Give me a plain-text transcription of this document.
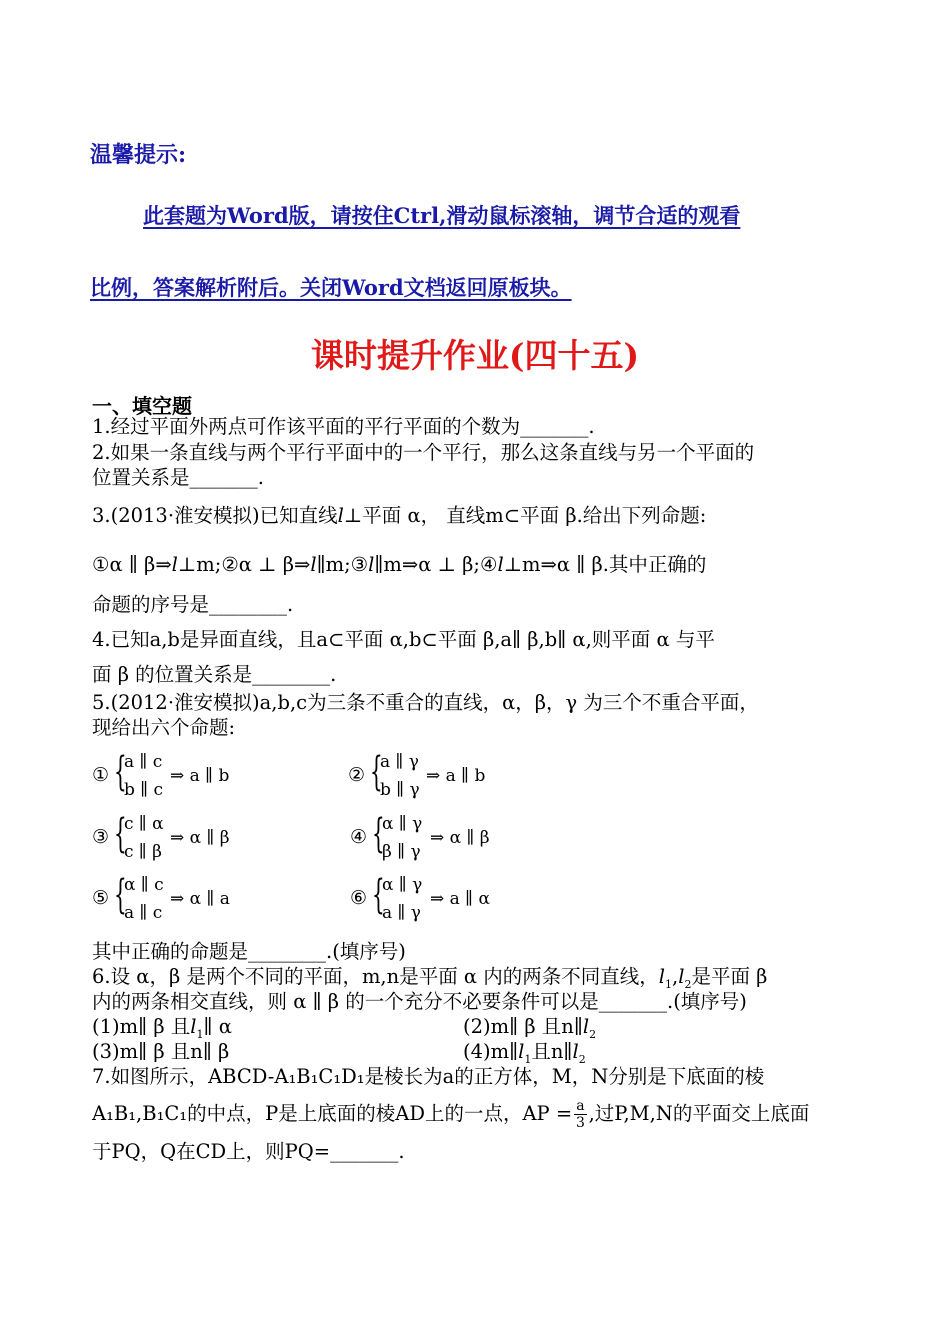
温馨提示:
此套题为Word版，请按住Ctrl,滑动鼠标滚轴，调节合适的观看
比例，答案解析附后。关闭Word文档返回原板块。
课时提升作业(四十五)
一、填空题
1.经过平面外两点可作该平面的平行平面的个数为_______.
2.如果一条直线与两个平行平面中的一个平行，那么这条直线与另一个平面的
位置关系是_______.
3.(2013·淮安模拟)已知直线l⊥平面 α， 直线m⊂平面 β.给出下列命题:
①α ∥ β⇒l⊥m;②α ⊥ β⇒l∥m;③l∥m⇒α ⊥ β;④l⊥m⇒α ∥ β.其中正确的
命题的序号是________.
4.已知a,b是异面直线，且a⊂平面 α,b⊂平面 β,a∥ β,b∥ α,则平面 α 与平
面 β 的位置关系是________.
5.(2012·淮安模拟)a,b,c为三条不重合的直线，α，β，γ 为三个不重合平面，
现给出六个命题:
① {
a ∥ c
b ∥ c
⇒ a ∥ b	② {
a ∥ γ
b ∥ γ
⇒ a ∥ b
③ {
c ∥ α
c ∥ β
⇒ α ∥ β	④ {
α ∥ γ
β ∥ γ
⇒ α ∥ β
⑤ {
α ∥ c
a ∥ c
⇒ α ∥ a	⑥ {
α ∥ γ
a ∥ γ
⇒ a ∥ α
其中正确的命题是________.(填序号)
6.设 α，β 是两个不同的平面，m,n是平面 α 内的两条不同直线，$l_1,l_2$是平面 β
内的两条相交直线，则 α ∥ β 的一个充分不必要条件可以是_______.(填序号)
(1)m∥ β 且$l_1\parallel$ α	(2)m∥ β 且$n\parallel l_2$
(3)m∥ β 且n∥ β	$(4)m\parallel l_1$且$n\parallel l_2$
7.如图所示，ABCD-A₁B₁C₁D₁是棱长为a的正方体，M，N分别是下底面的棱
A₁B₁,B₁C₁的中点，P是上底面的棱AD上的一点，AP = $\frac{a}{3}$ ,过P,M,N的平面交上底面
于PQ，Q在CD上，则PQ=_______.
